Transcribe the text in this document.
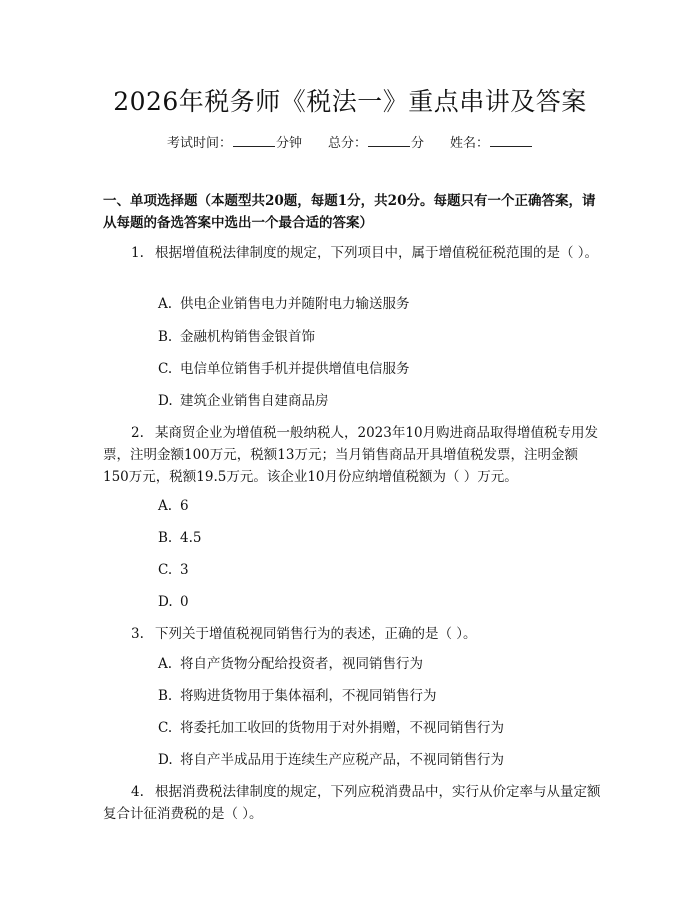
2026年税务师《税法一》重点串讲及答案
考试时间：	分钟 总分：	分 姓名：
一、单项选择题（本题型共20题，每题1分，共20分。每题只有一个正确答案，请从每题的备选答案中选出一个最合适的答案）
1. 根据增值税法律制度的规定，下列项目中，属于增值税征税范围的是（ ）。
A. 供电企业销售电力并随附电力输送服务
B. 金融机构销售金银首饰
C. 电信单位销售手机并提供增值电信服务
D. 建筑企业销售自建商品房
2. 某商贸企业为增值税一般纳税人，2023年10月购进商品取得增值税专用发票，注明金额100万元，税额13万元；当月销售商品开具增值税发票，注明金额150万元，税额19.5万元。该企业10月份应纳增值税额为（ ）万元。
A. 6
B. 4.5
C. 3
D. 0
3. 下列关于增值税视同销售行为的表述，正确的是（ ）。
A. 将自产货物分配给投资者，视同销售行为
B. 将购进货物用于集体福利，不视同销售行为
C. 将委托加工收回的货物用于对外捐赠，不视同销售行为
D. 将自产半成品用于连续生产应税产品，不视同销售行为
4. 根据消费税法律制度的规定，下列应税消费品中，实行从价定率与从量定额复合计征消费税的是（ ）。
